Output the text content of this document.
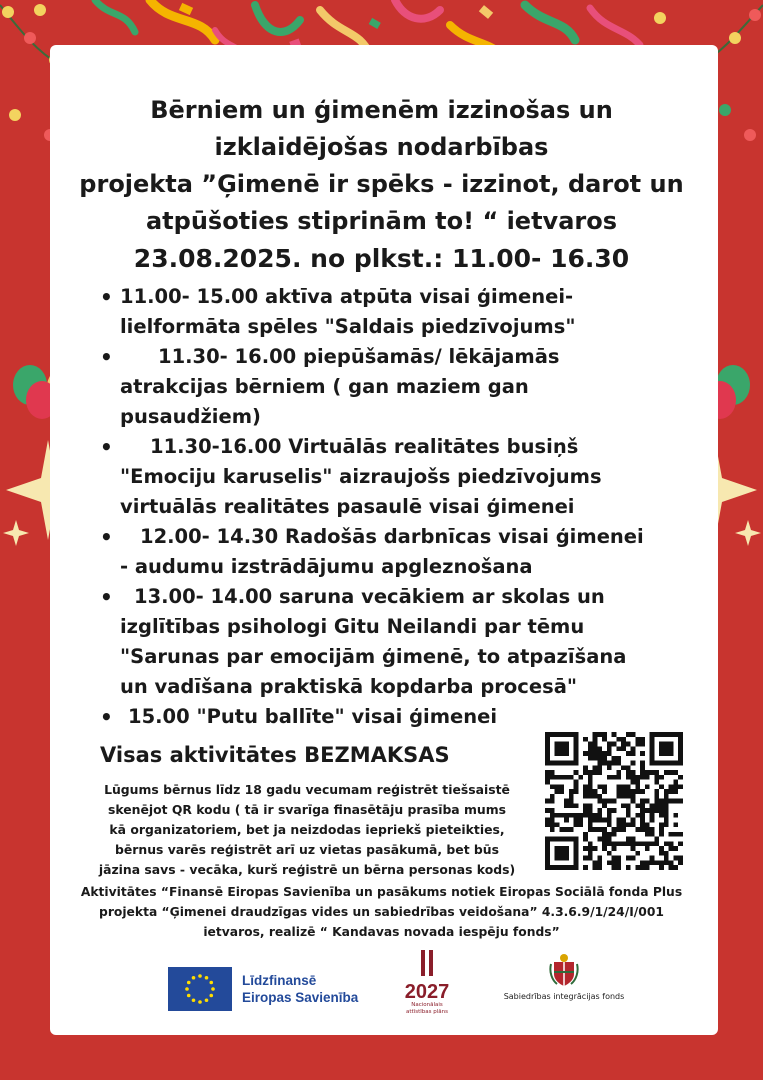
Bērniem un ģimenēm izzinošas un
izklaidējošas nodarbības
projekta ”Ģimenē ir spēks - izzinot, darot un
atpūšoties stiprinām to! “ ietvaros
23.08.2025. no plkst.: 11.00- 16.30
• 11.00- 15.00 aktīva atpūta visai ģimenei-
lielformāta spēles "Saldais piedzīvojums"
• 11.30- 16.00 piepūšamās/ lēkājamās
atrakcijas bērniem ( gan maziem gan
pusaudžiem)
• 11.30-16.00 Virtuālās realitātes busiņš
"Emociju karuselis" aizraujošs piedzīvojums
virtuālās realitātes pasaulē visai ģimenei
• 12.00- 14.30 Radošās darbnīcas visai ģimenei
- audumu izstrādājumu apgleznošana
• 13.00- 14.00 saruna vecākiem ar skolas un
izglītības psihologi Gitu Neilandi par tēmu
"Sarunas par emocijām ģimenē, to atpazīšana
un vadīšana praktiskā kopdarba procesā"
• 15.00 "Putu ballīte" visai ģimenei
Visas aktivitātes BEZMAKSAS
Lūgums bērnus līdz 18 gadu vecumam reģistrēt tiešsaistē
skenējot QR kodu ( tā ir svarīga finasētāju prasība mums
kā organizatoriem, bet ja neizdodas iepriekš pieteikties,
bērnus varēs reģistrēt arī uz vietas pasākumā, bet būs
jāzina savs - vecāka, kurš reģistrē un bērna personas kods)
Aktivitātes “Finansē Eiropas Savienība un pasākums notiek Eiropas Sociālā fonda Plus
projekta “Ģimenei draudzīgas vides un sabiedrības veidošana” 4.3.6.9/1/24/I/001
ietvaros, realizē “ Kandavas novada iespēju fonds”
Līdzfinansē
Eiropas Savienība	2027
Nacionālais
attīstības plāns
Sabiedrības integrācijas fonds
